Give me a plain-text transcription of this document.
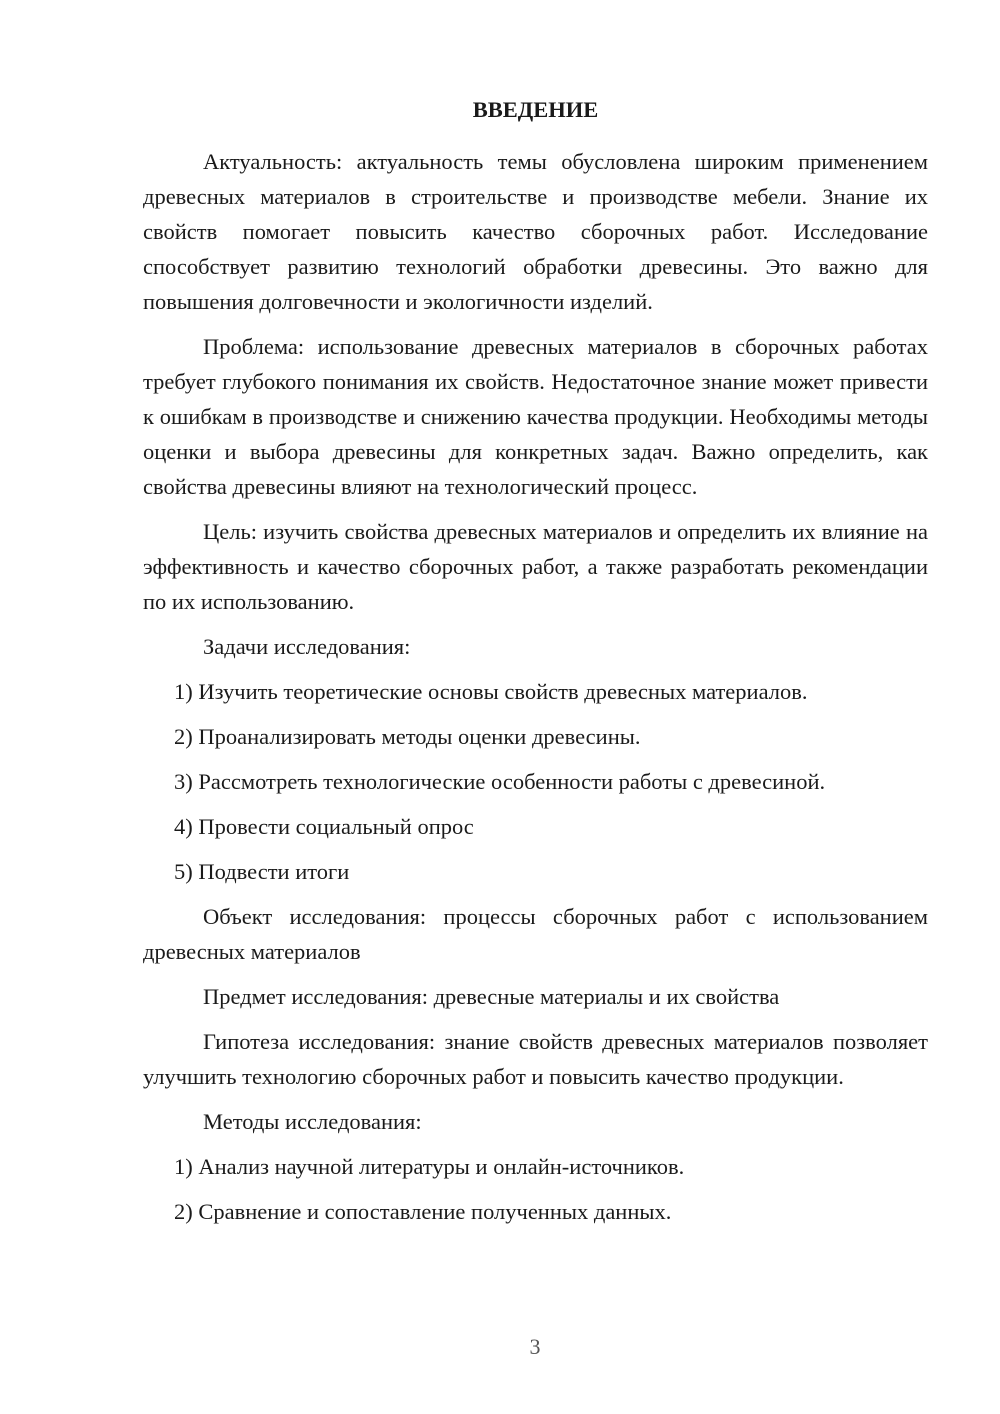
ВВЕДЕНИЕ

Актуальность: актуальность темы обусловлена широким применением древесных материалов в строительстве и производстве мебели. Знание их свойств помогает повысить качество сборочных работ. Исследование способствует развитию технологий обработки древесины. Это важно для повышения долговечности и экологичности изделий.

Проблема: использование древесных материалов в сборочных работах требует глубокого понимания их свойств. Недостаточное знание может привести к ошибкам в производстве и снижению качества продукции. Необходимы методы оценки и выбора древесины для конкретных задач. Важно определить, как свойства древесины влияют на технологический процесс.

Цель: изучить свойства древесных материалов и определить их влияние на эффективность и качество сборочных работ, а также разработать рекомендации по их использованию.

Задачи исследования:

1) Изучить теоретические основы свойств древесных материалов.

2) Проанализировать методы оценки древесины.

3) Рассмотреть технологические особенности работы с древесиной.

4) Провести социальный опрос

5) Подвести итоги

Объект исследования: процессы сборочных работ с использованием древесных материалов

Предмет исследования: древесные материалы и их свойства

Гипотеза исследования: знание свойств древесных материалов позволяет улучшить технологию сборочных работ и повысить качество продукции.

Методы исследования:

1) Анализ научной литературы и онлайн-источников.

2) Сравнение и сопоставление полученных данных.

3
